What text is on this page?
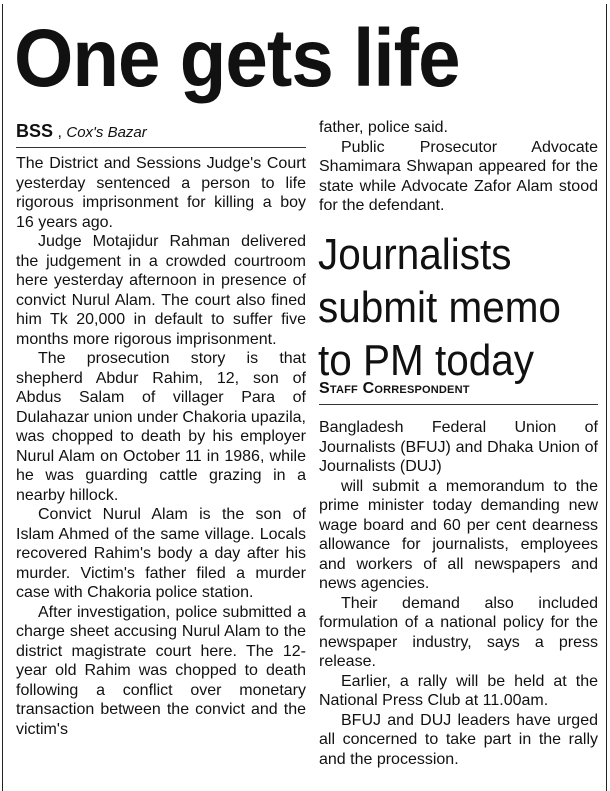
One gets life
BSS , Cox's Bazar

The District and Sessions Judge's Court yesterday sentenced a person to life rigorous imprisonment for killing a boy 16 years ago.

Judge Motajidur Rahman delivered the judgement in a crowded courtroom here yesterday afternoon in presence of convict Nurul Alam. The court also fined him Tk 20,000 in default to suffer five months more rigorous imprisonment.

The prosecution story is that shepherd Abdur Rahim, 12, son of Abdus Salam of villager Para of Dulahazar union under Chakoria upazila, was chopped to death by his employer Nurul Alam on October 11 in 1986, while he was guarding cattle grazing in a nearby hillock.

Convict Nurul Alam is the son of Islam Ahmed of the same village. Locals recovered Rahim's body a day after his murder. Victim's father filed a murder case with Chakoria police station.

After investigation, police submitted a charge sheet accusing Nurul Alam to the district magistrate court here. The 12-year old Rahim was chopped to death following a conflict over monetary transaction between the convict and the victim's

father, police said.

Public Prosecutor Advocate Shamimara Shwapan appeared for the state while Advocate Zafor Alam stood for the defendant.

Journalists submit memo to PM today
Staff Correspondent

Bangladesh Federal Union of Journalists (BFUJ) and Dhaka Union of Journalists (DUJ)

will submit a memorandum to the prime minister today demanding new wage board and 60 per cent dearness allowance for journalists, employees and workers of all newspapers and news agencies.

Their demand also included formulation of a national policy for the newspaper industry, says a press release.

Earlier, a rally will be held at the National Press Club at 11.00am.

BFUJ and DUJ leaders have urged all concerned to take part in the rally and the procession.
